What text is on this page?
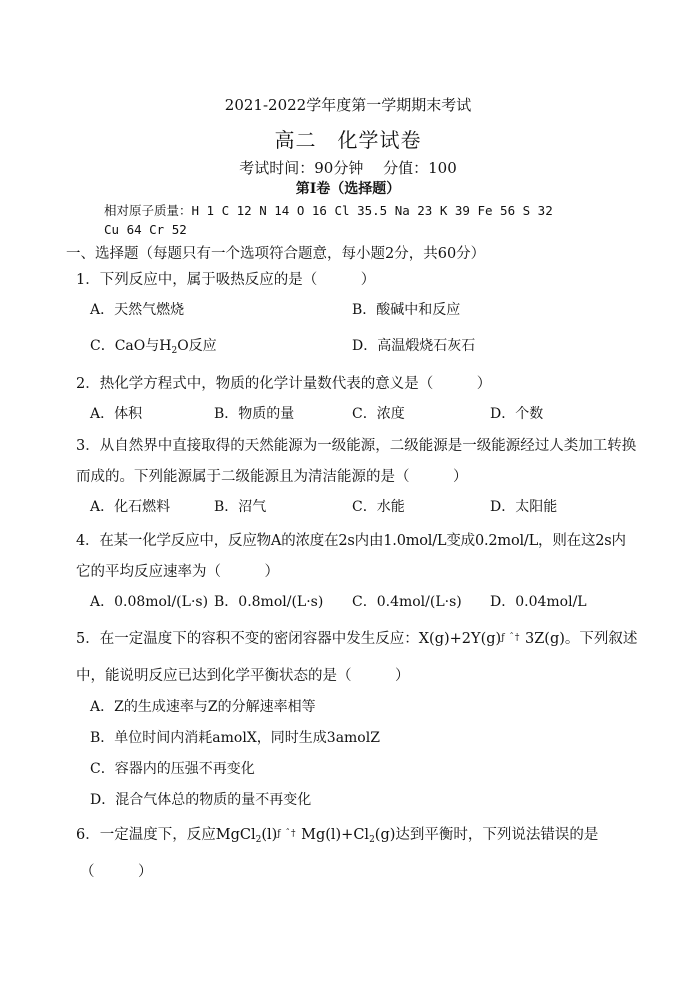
2021-2022学年度第一学期期末考试
高二　化学试卷
考试时间：90分钟　 分值：100
第Ⅰ卷（选择题）
相对原子质量：H 1 C 12 N 14 O 16 Cl 35.5 Na 23 K 39 Fe 56 S 32
Cu 64 Cr 52
一、选择题（每题只有一个选项符合题意，每小题2分，共60分）
1．下列反应中，属于吸热反应的是（　　　）
A．天然气燃烧	B．酸碱中和反应
C．CaO与$H_2O$反应	D．高温煅烧石灰石
2．热化学方程式中，物质的化学计量数代表的意义是（　　　）
A．体积	B．物质的量	C．浓度	D．个数
3．从自然界中直接取得的天然能源为一级能源，二级能源是一级能源经过人类加工转换
而成的。下列能源属于二级能源且为清洁能源的是（　　　）
A．化石燃料	B．沼气	C．水能	D．太阳能
4．在某一化学反应中，反应物A的浓度在2s内由1.0mol/L变成0.2mol/L，则在这2s内
它的平均反应速率为（　　　）
A．0.08mol/(L·s) B．0.8mol/(L·s) C．0.4mol/(L·s) D．0.04mol/L
5．在一定温度下的容积不变的密闭容器中发生反应：$X(g)+2Y(g)^{ƒ ˆ\dagger}$ 3Z(g)。下列叙述
中，能说明反应已达到化学平衡状态的是（　　　）
A．Z的生成速率与Z的分解速率相等
B．单位时间内消耗amolX，同时生成3amolZ
C．容器内的压强不再变化
D．混合气体总的物质的量不再变化
6．一定温度下，反应$MgCl_2(l)^{ƒ ˆ\dagger}$ $Mg(l)+Cl_2(g)$达到平衡时，下列说法错误的是
（　　　）
